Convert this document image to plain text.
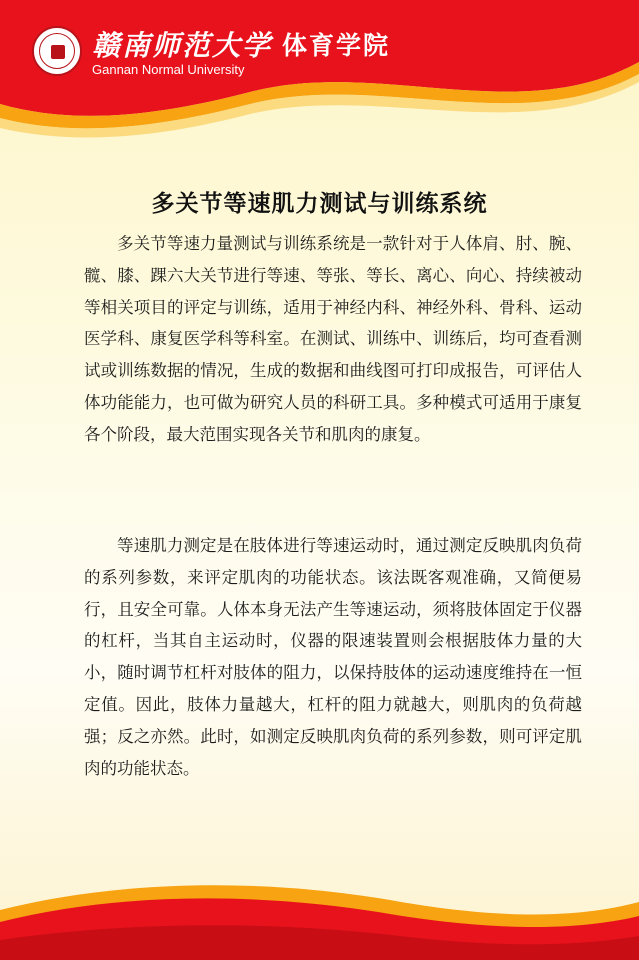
赣南师范大学 体育学院
Gannan Normal University
多关节等速肌力测试与训练系统

多关节等速力量测试与训练系统是一款针对于人体肩、肘、腕、髋、膝、踝六大关节进行等速、等张、等长、离心、向心、持续被动等相关项目的评定与训练，适用于神经内科、神经外科、骨科、运动医学科、康复医学科等科室。在测试、训练中、训练后，均可查看测试或训练数据的情况，生成的数据和曲线图可打印成报告，可评估人体功能能力，也可做为研究人员的科研工具。多种模式可适用于康复各个阶段，最大范围实现各关节和肌肉的康复。

等速肌力测定是在肢体进行等速运动时，通过测定反映肌肉负荷的系列参数，来评定肌肉的功能状态。该法既客观准确，又简便易行，且安全可靠。人体本身无法产生等速运动，须将肢体固定于仪器的杠杆，当其自主运动时，仪器的限速装置则会根据肢体力量的大小，随时调节杠杆对肢体的阻力，以保持肢体的运动速度维持在一恒定值。因此，肢体力量越大，杠杆的阻力就越大，则肌肉的负荷越强；反之亦然。此时，如测定反映肌肉负荷的系列参数，则可评定肌肉的功能状态。
